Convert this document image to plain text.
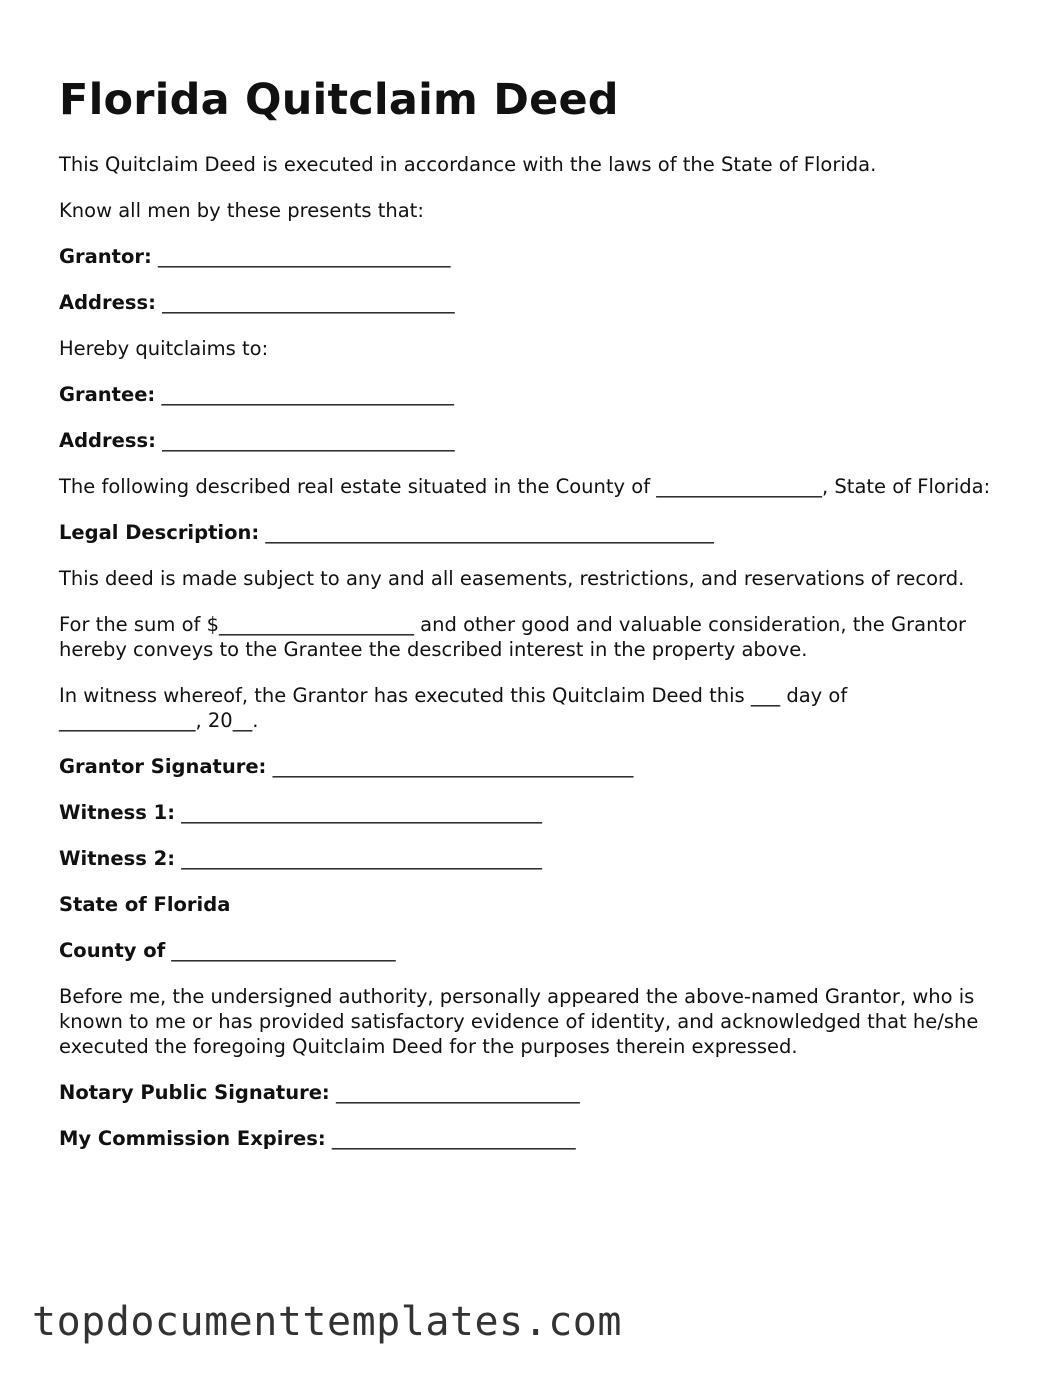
Florida Quitclaim Deed

This Quitclaim Deed is executed in accordance with the laws of the State of Florida.

Know all men by these presents that:

Grantor: ______________________________

Address: ______________________________

Hereby quitclaims to:

Grantee: ______________________________

Address: ______________________________

The following described real estate situated in the County of _________________, State of Florida:

Legal Description: ______________________________________________

This deed is made subject to any and all easements, restrictions, and reservations of record.

For the sum of $____________________ and other good and valuable consideration, the Grantor hereby conveys to the Grantee the described interest in the property above.

In witness whereof, the Grantor has executed this Quitclaim Deed this ___ day of ______________, 20__.

Grantor Signature: _____________________________________

Witness 1: _____________________________________

Witness 2: _____________________________________

State of Florida

County of _______________________

Before me, the undersigned authority, personally appeared the above-named Grantor, who is known to me or has provided satisfactory evidence of identity, and acknowledged that he/she executed the foregoing Quitclaim Deed for the purposes therein expressed.

Notary Public Signature: _________________________

My Commission Expires: _________________________

topdocumenttemplates.com
